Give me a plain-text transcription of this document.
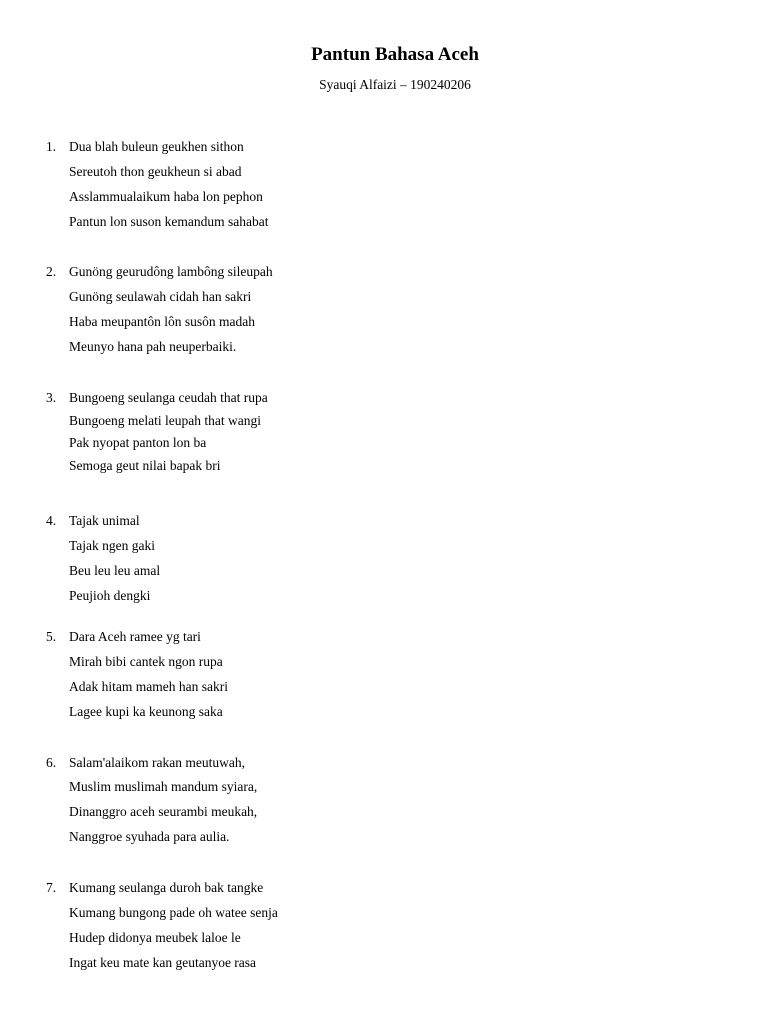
Pantun Bahasa Aceh
Syauqi Alfaizi – 190240206
1. Dua blah buleun geukhen sithon
Sereutoh thon geukheun si abad
Asslammualaikum haba lon pephon
Pantun lon suson kemandum sahabat
2. Gunöng geurudông lambông sileupah
Gunöng seulawah cidah han sakri
Haba meupantôn lôn susôn madah
Meunyo hana pah neuperbaiki.
3. Bungoeng seulanga ceudah that rupa
Bungoeng melati leupah that wangi
Pak nyopat panton lon ba
Semoga geut nilai bapak bri
4. Tajak unimal
Tajak ngen gaki
Beu leu leu amal
Peujioh dengki
5. Dara Aceh ramee yg tari
Mirah bibi cantek ngon rupa
Adak hitam mameh han sakri
Lagee kupi ka keunong saka
6. Salam'alaikom rakan meutuwah,
Muslim muslimah mandum syiara,
Dinanggro aceh seurambi meukah,
Nanggroe syuhada para aulia.
7. Kumang seulanga duroh bak tangke
Kumang bungong pade oh watee senja
Hudep didonya meubek laloe le
Ingat keu mate kan geutanyoe rasa
